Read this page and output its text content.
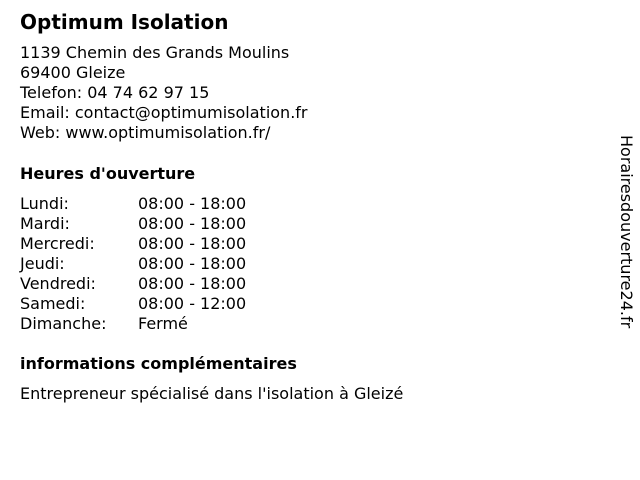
Optimum Isolation
1139 Chemin des Grands Moulins
69400 Gleize
Telefon: 04 74 62 97 15
Email: contact@optimumisolation.fr
Web: www.optimumisolation.fr/
Heures d'ouverture
Lundi:	08:00 - 18:00
Mardi:	08:00 - 18:00
Mercredi:	08:00 - 18:00
Jeudi:	08:00 - 18:00
Vendredi:	08:00 - 18:00
Samedi:	08:00 - 12:00
Dimanche:	Fermé
informations complémentaires
Entrepreneur spécialisé dans l'isolation à Gleizé
Horairesdouverture24.fr
